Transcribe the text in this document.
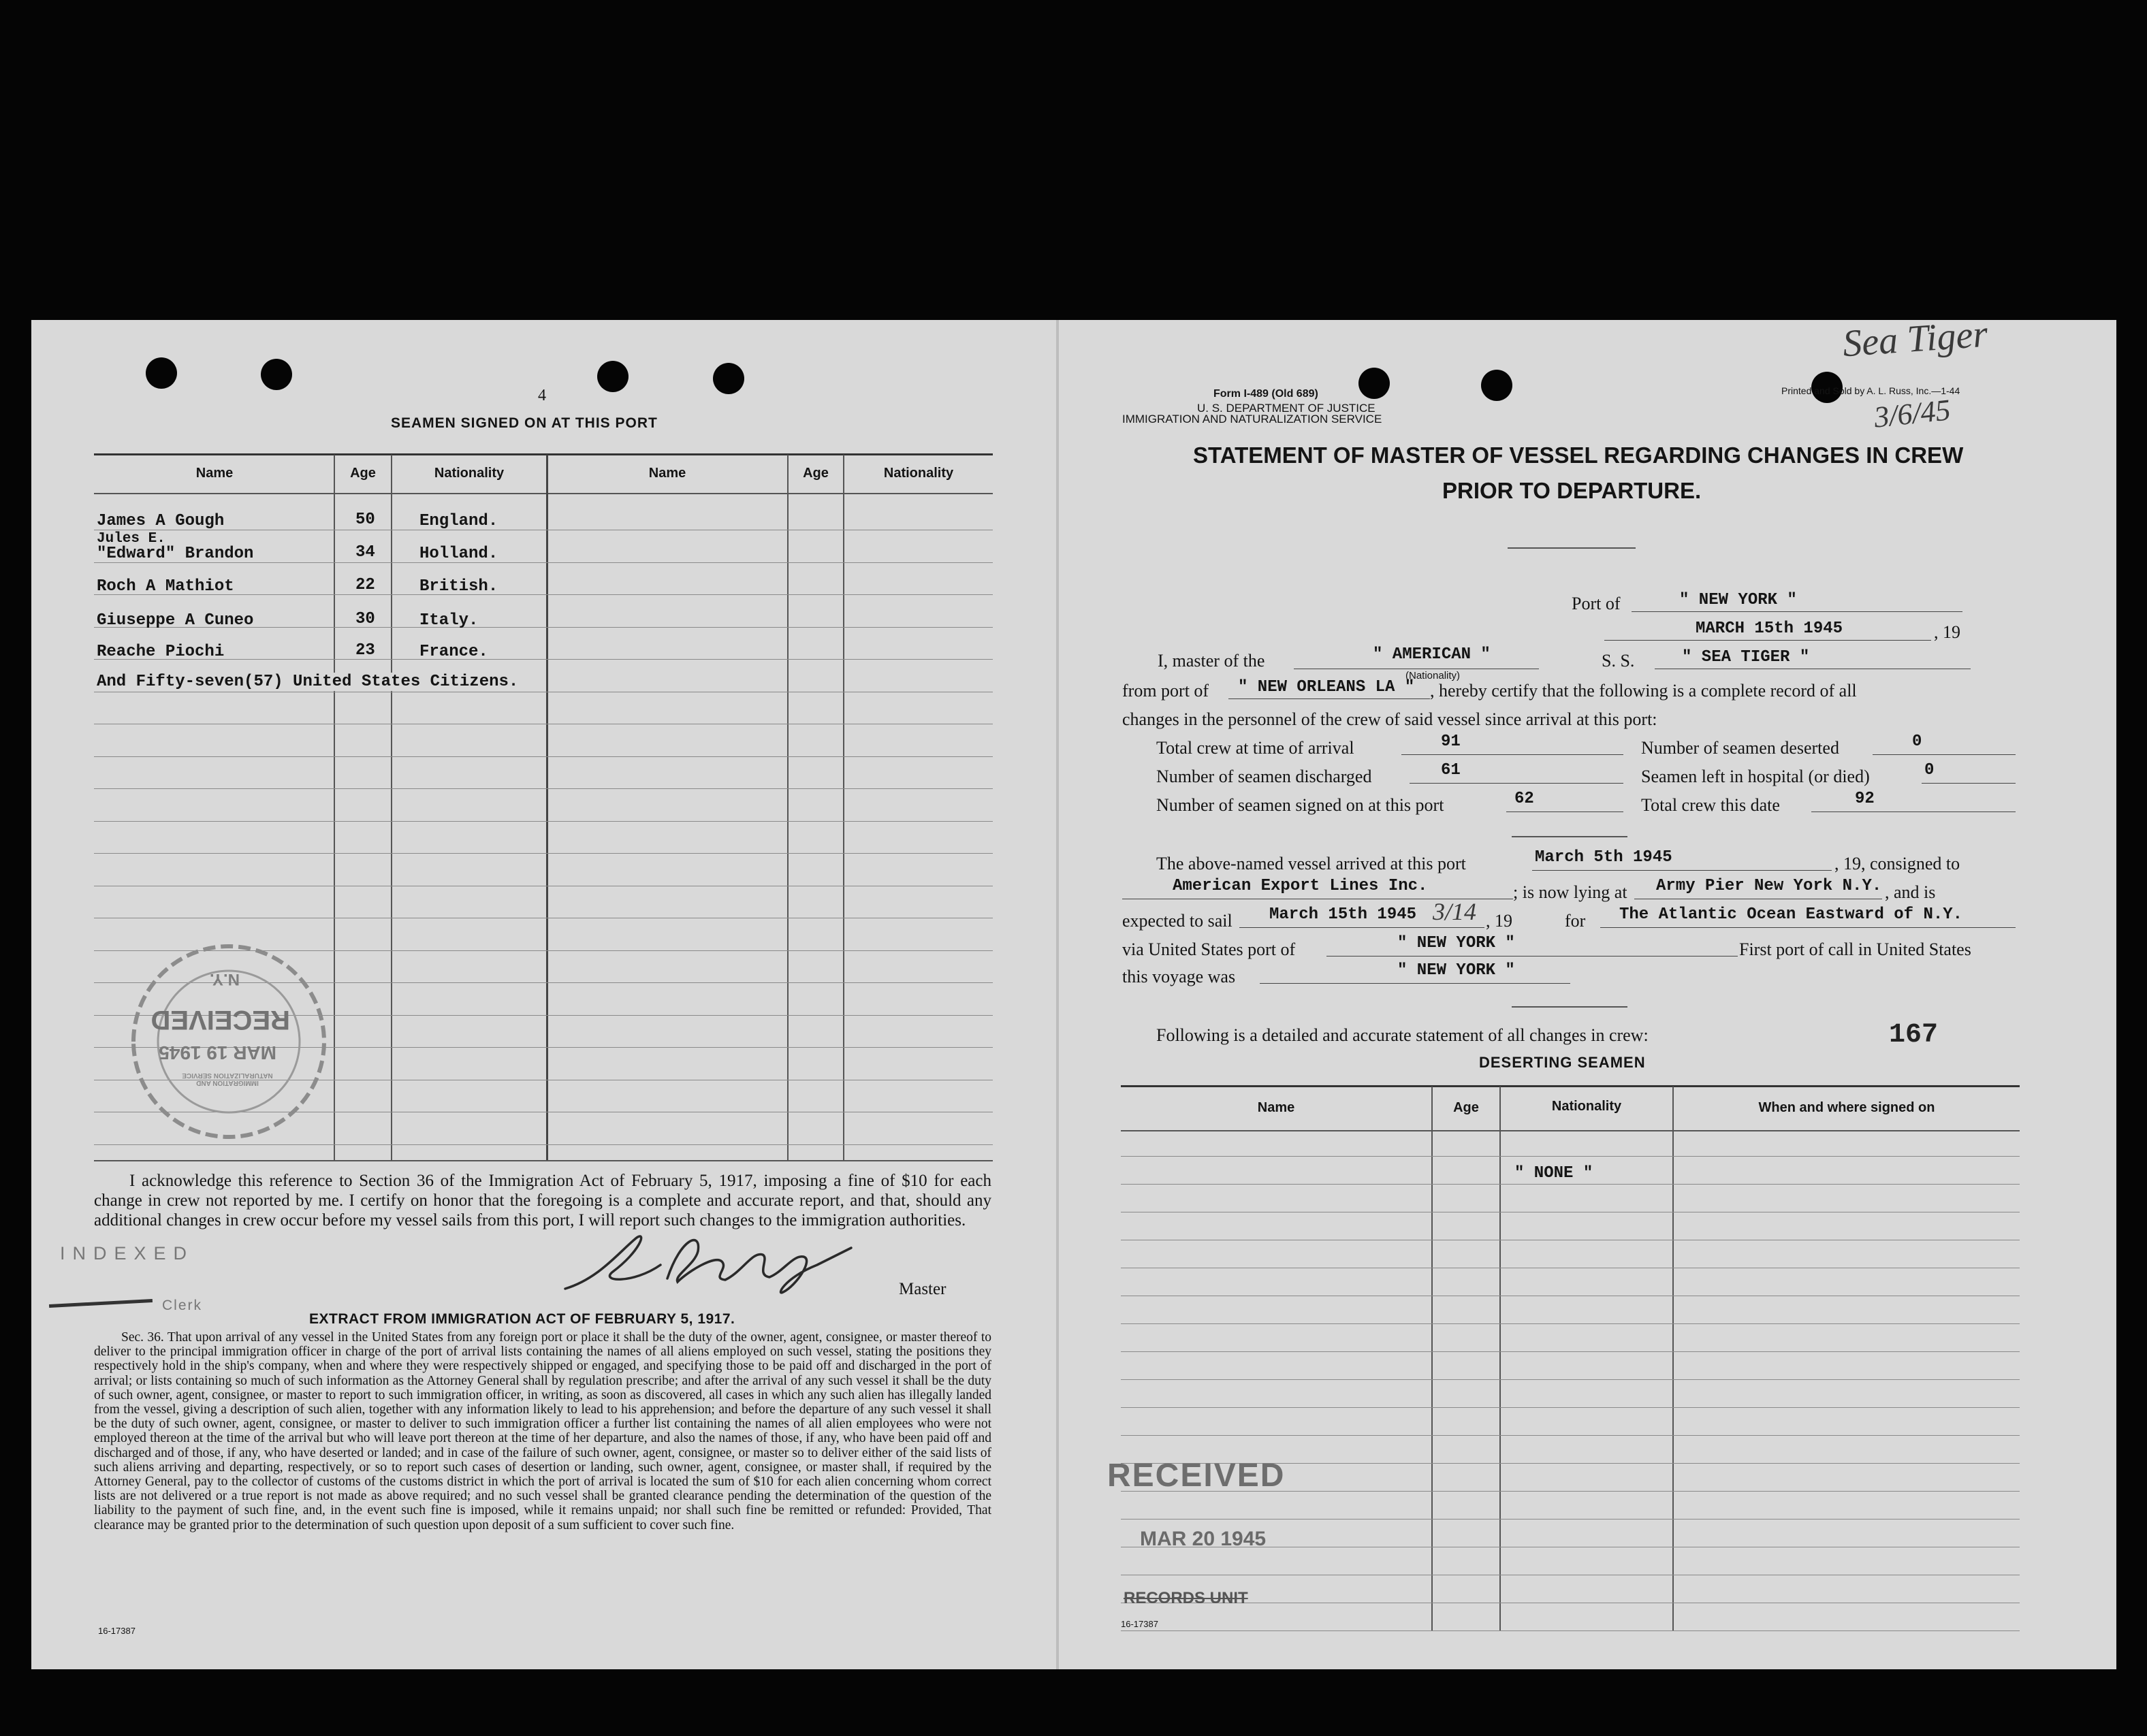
4
SEAMEN SIGNED ON AT THIS PORT
Name	Age	Nationality	Name	Age	Nationality
James A Gough	50	England.
Jules E.
"Edward" Brandon	34	Holland.
Roch A Mathiot	22	British.
Giuseppe A Cuneo	30	Italy.
Reache Piochi	23	France.
And Fifty-seven(57) United States Citizens.
RECEIVED
MAR 19 1945
IMMIGRATION AND NATURALIZATION SERVICE
N.Y.
I acknowledge this reference to Section 36 of the Immigration Act of February 5, 1917, imposing a fine of $10 for each change in crew not reported by me. I certify on honor that the foregoing is a complete and accurate report, and that, should any additional changes in crew occur before my vessel sails from this port, I will report such changes to the immigration authorities.
INDEXED
Clerk
Master
EXTRACT FROM IMMIGRATION ACT OF FEBRUARY 5, 1917.
Sec. 36. That upon arrival of any vessel in the United States from any foreign port or place it shall be the duty of the owner, agent, consignee, or master thereof to deliver to the principal immigration officer in charge of the port of arrival lists containing the names of all aliens employed on such vessel, stating the positions they respectively hold in the ship's company, when and where they were respectively shipped or engaged, and specifying those to be paid off and discharged in the port of arrival; or lists containing so much of such information as the Attorney General shall by regulation prescribe; and after the arrival of any such vessel it shall be the duty of such owner, agent, consignee, or master to report to such immigration officer, in writing, as soon as discovered, all cases in which any such alien has illegally landed from the vessel, giving a description of such alien, together with any information likely to lead to his apprehension; and before the departure of any such vessel it shall be the duty of such owner, agent, consignee, or master to deliver to such immigration officer a further list containing the names of all alien employees who were not employed thereon at the time of the arrival but who will leave port thereon at the time of her departure, and also the names of those, if any, who have been paid off and discharged and of those, if any, who have deserted or landed; and in case of the failure of such owner, agent, consignee, or master so to deliver either of the said lists of such aliens arriving and departing, respectively, or so to report such cases of desertion or landing, such owner, agent, consignee, or master shall, if required by the Attorney General, pay to the collector of customs of the customs district in which the port of arrival is located the sum of $10 for each alien concerning whom correct lists are not delivered or a true report is not made as above required; and no such vessel shall be granted clearance pending the determination of the question of the liability to the payment of such fine, and, in the event such fine is imposed, while it remains unpaid; nor shall such fine be remitted or refunded: Provided, That clearance may be granted prior to the determination of such question upon deposit of a sum sufficient to cover such fine.
16-17387
Form I-489 (Old 689)
U. S. DEPARTMENT OF JUSTICE
IMMIGRATION AND NATURALIZATION SERVICE
Printed and Sold by A. L. Russ, Inc.—1-44
Sea Tiger
3/6/45
STATEMENT OF MASTER OF VESSEL REGARDING CHANGES IN CREW
PRIOR TO DEPARTURE.
Port of	" NEW YORK "
MARCH 15th 1945	, 19
I, master of the	" AMERICAN "
(Nationality)
S. S.	" SEA TIGER "
from port of " NEW ORLEANS LA " , hereby certify that the following is a complete record of all
changes in the personnel of the crew of said vessel since arrival at this port:
Total crew at time of arrival	91	Number of seamen deserted	0
Number of seamen discharged	61	Seamen left in hospital (or died)	0
Number of seamen signed on at this port	62	Total crew this date	92
The above-named vessel arrived at this port	March 5th 1945	, 19, consigned to
American Export Lines Inc.	; is now lying at Army Pier New York N.Y. , and is
expected to sail March 15th 1945 3/14 , 19	for The Atlantic Ocean Eastward of N.Y.
via United States port of	" NEW YORK "	First port of call in United States
this voyage was	" NEW YORK "
Following is a detailed and accurate statement of all changes in crew:	167
DESERTING SEAMEN
Name	Age	Nationality	When and where signed on
" NONE "
RECEIVED
MAR 20 1945
RECORDS UNIT
16-17387
